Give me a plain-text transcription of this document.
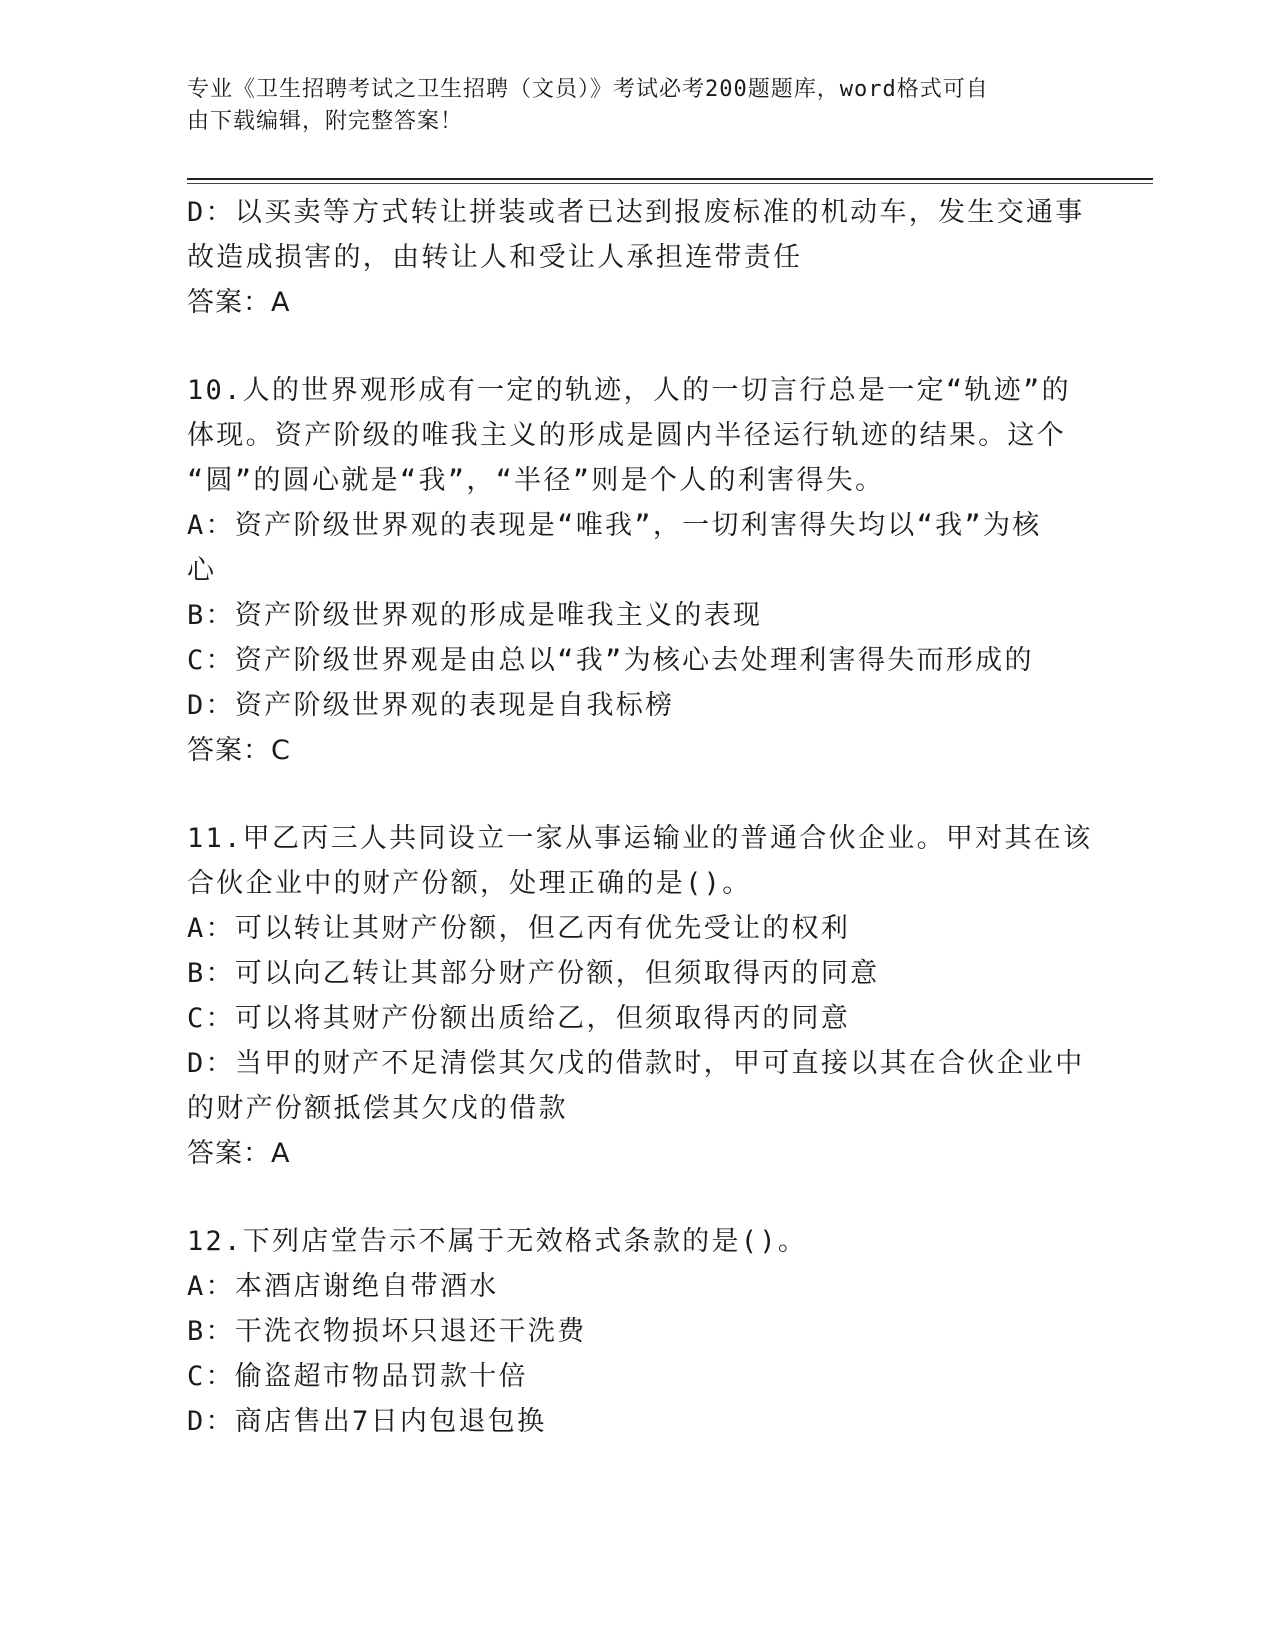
专业《卫生招聘考试之卫生招聘（文员）》考试必考200题题库，word格式可自
由下载编辑，附完整答案！
D：以买卖等方式转让拼装或者已达到报废标准的机动车，发生交通事
故造成损害的，由转让人和受让人承担连带责任
答案：A
10.人的世界观形成有一定的轨迹，人的一切言行总是一定“轨迹”的
体现。资产阶级的唯我主义的形成是圆内半径运行轨迹的结果。这个
“圆”的圆心就是“我”，“半径”则是个人的利害得失。
A：资产阶级世界观的表现是“唯我”，一切利害得失均以“我”为核
心
B：资产阶级世界观的形成是唯我主义的表现
C：资产阶级世界观是由总以“我”为核心去处理利害得失而形成的
D：资产阶级世界观的表现是自我标榜
答案：C
11.甲乙丙三人共同设立一家从事运输业的普通合伙企业。甲对其在该
合伙企业中的财产份额，处理正确的是()。
A：可以转让其财产份额，但乙丙有优先受让的权利
B：可以向乙转让其部分财产份额，但须取得丙的同意
C：可以将其财产份额出质给乙，但须取得丙的同意
D：当甲的财产不足清偿其欠戊的借款时，甲可直接以其在合伙企业中
的财产份额抵偿其欠戊的借款
答案：A
12.下列店堂告示不属于无效格式条款的是()。
A：本酒店谢绝自带酒水
B：干洗衣物损坏只退还干洗费
C：偷盗超市物品罚款十倍
D：商店售出7日内包退包换
